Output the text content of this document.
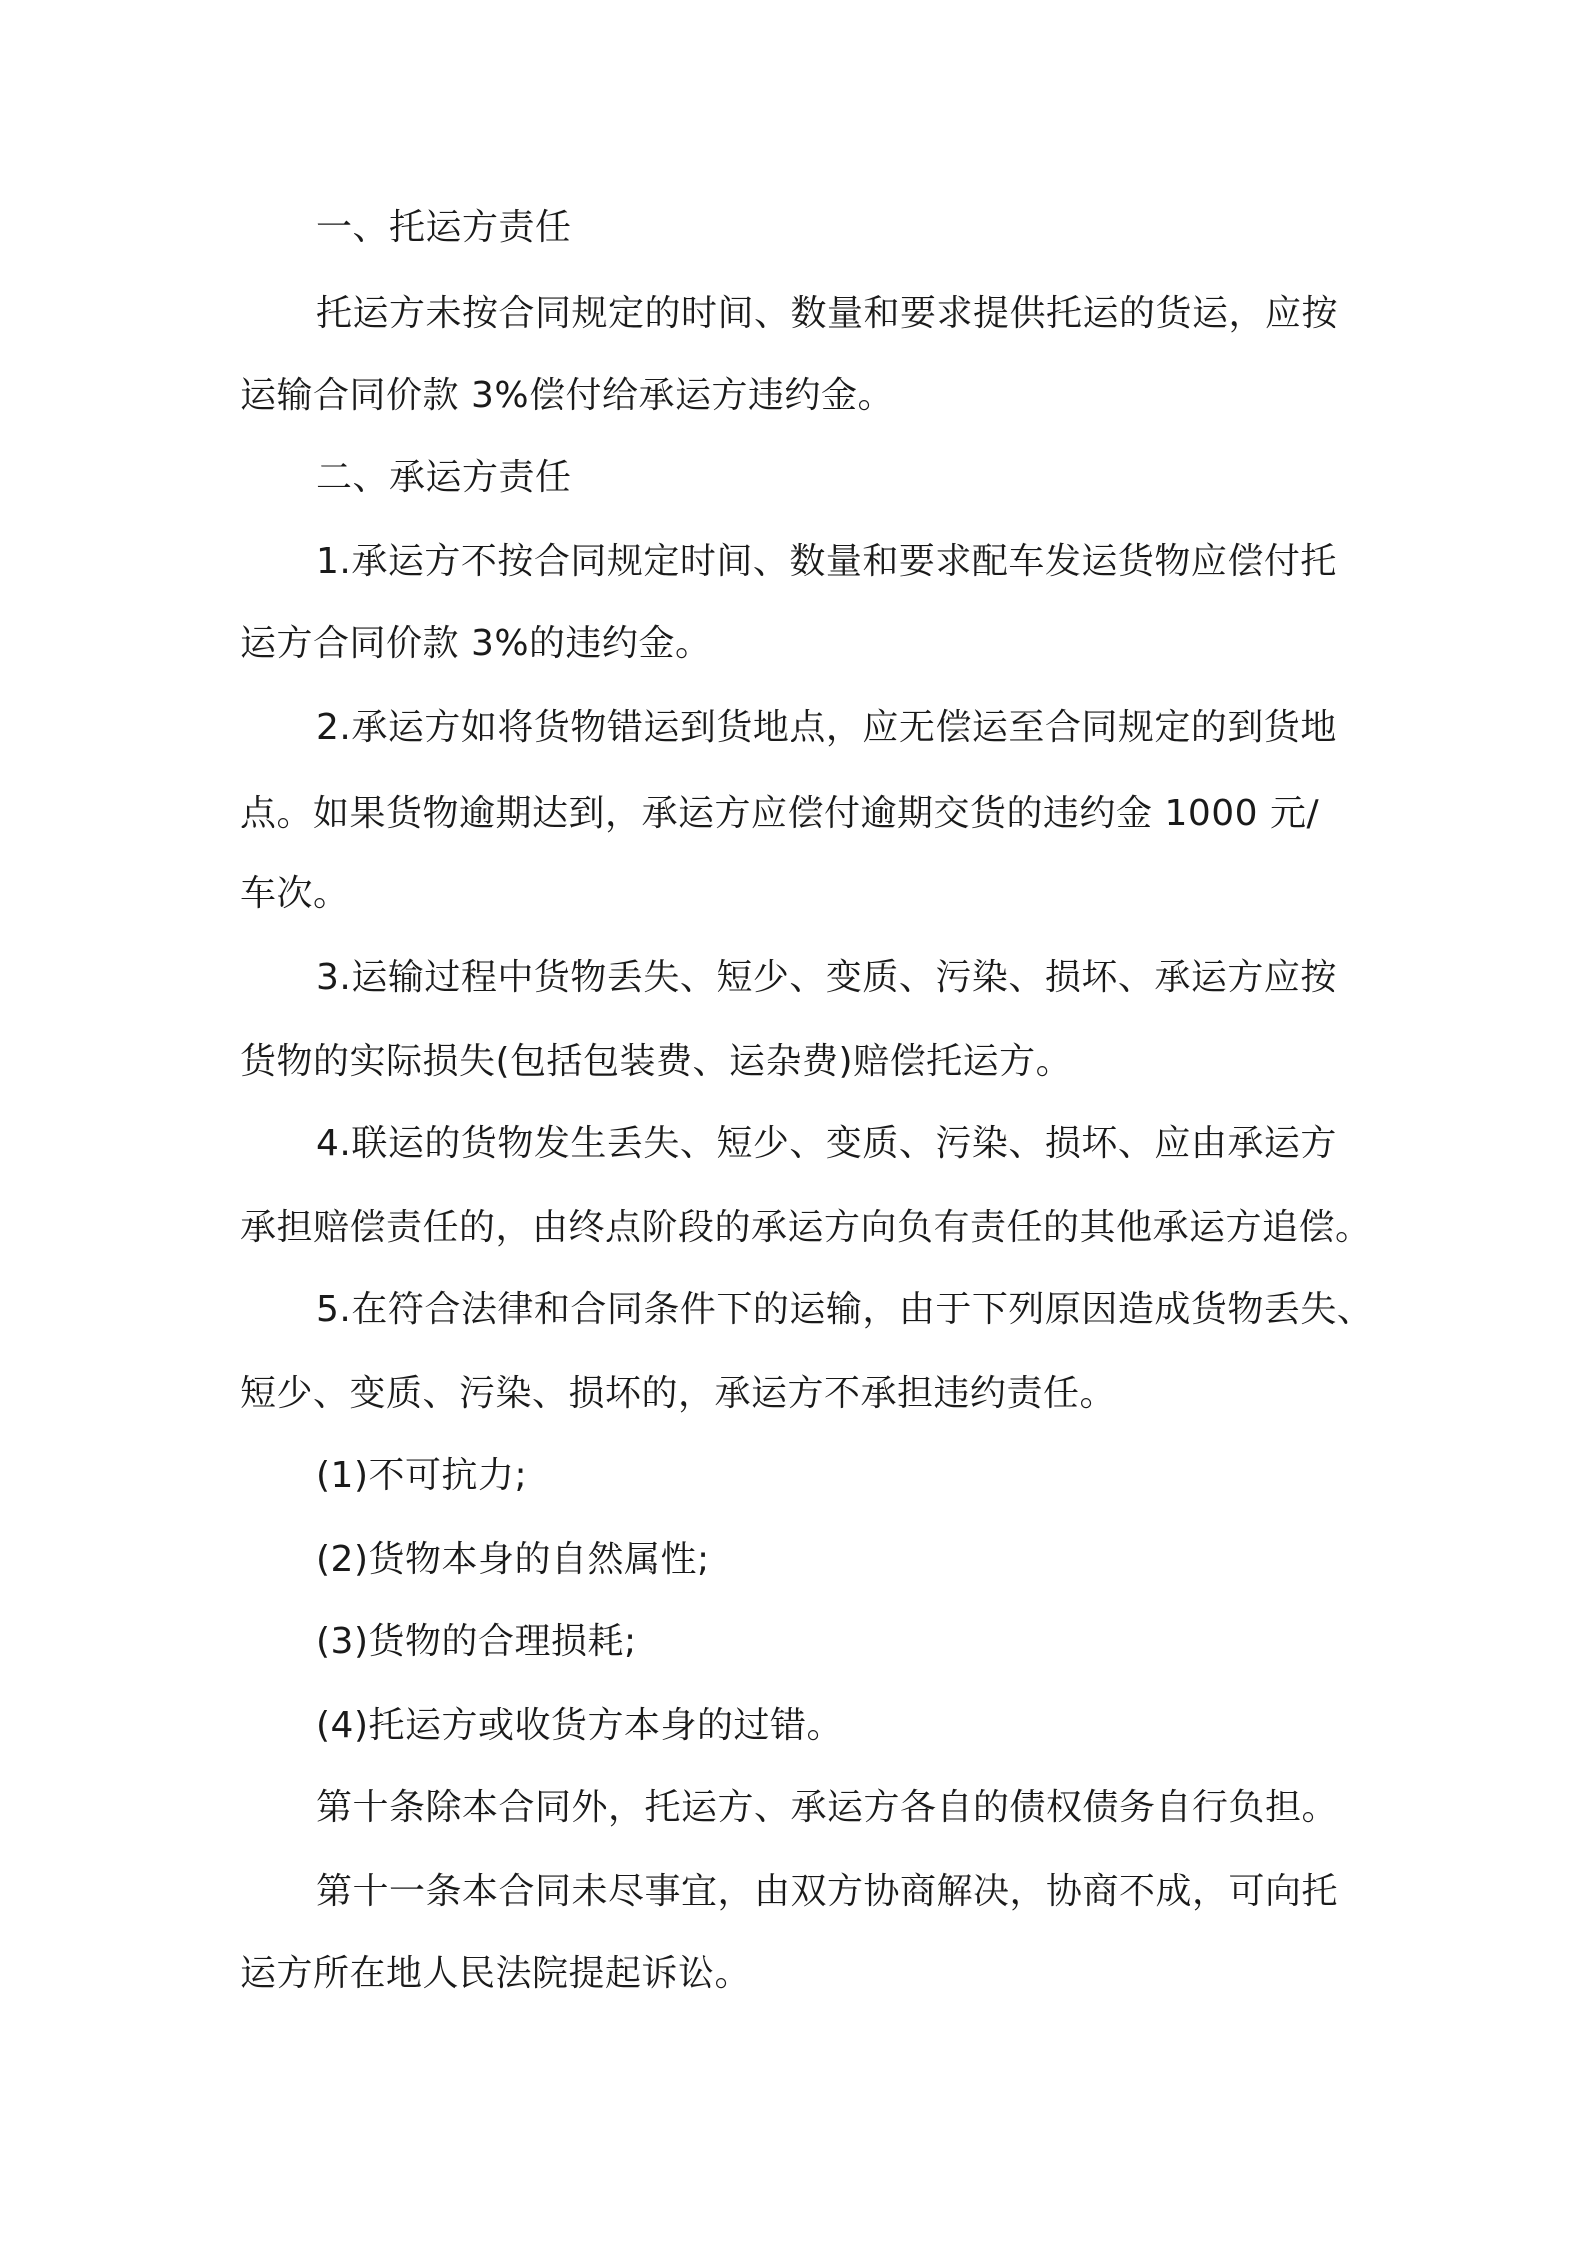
一、托运方责任
托运方未按合同规定的时间、数量和要求提供托运的货运，应按
运输合同价款 3%偿付给承运方违约金。
二、承运方责任
1.承运方不按合同规定时间、数量和要求配车发运货物应偿付托
运方合同价款 3%的违约金。
2.承运方如将货物错运到货地点，应无偿运至合同规定的到货地
点。如果货物逾期达到，承运方应偿付逾期交货的违约金 1000 元/
车次。
3.运输过程中货物丢失、短少、变质、污染、损坏、承运方应按
货物的实际损失(包括包装费、运杂费)赔偿托运方。
4.联运的货物发生丢失、短少、变质、污染、损坏、应由承运方
承担赔偿责任的，由终点阶段的承运方向负有责任的其他承运方追偿。
5.在符合法律和合同条件下的运输，由于下列原因造成货物丢失、
短少、变质、污染、损坏的，承运方不承担违约责任。
(1)不可抗力;
(2)货物本身的自然属性;
(3)货物的合理损耗;
(4)托运方或收货方本身的过错。
第十条除本合同外，托运方、承运方各自的债权债务自行负担。
第十一条本合同未尽事宜，由双方协商解决，协商不成，可向托
运方所在地人民法院提起诉讼。
